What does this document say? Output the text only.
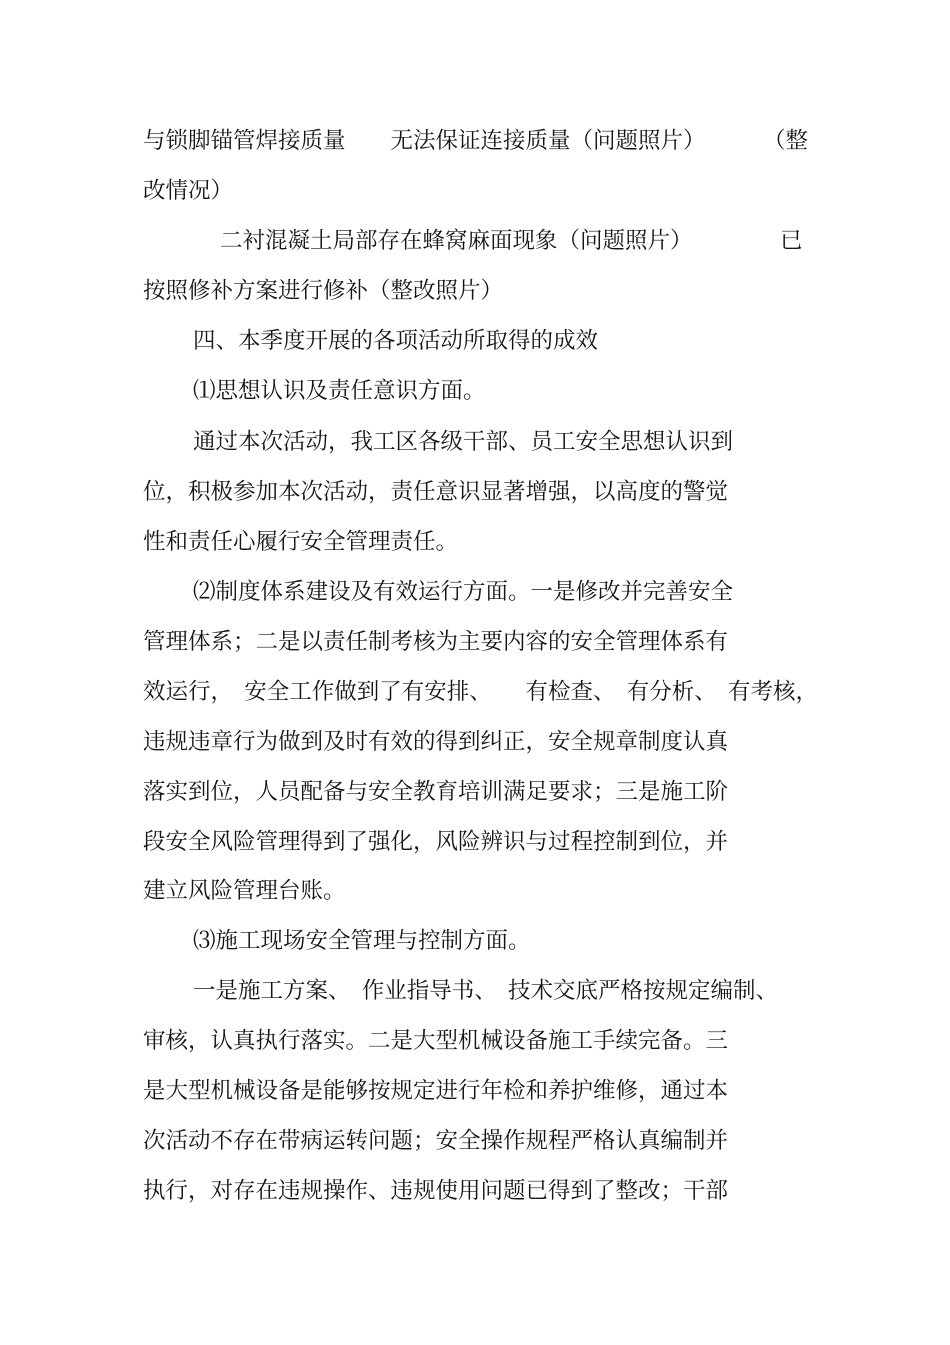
与锁脚锚管焊接质量　　无法保证连接质量（问题照片）	（整
改情况）
二衬混凝土局部存在蜂窝麻面现象（问题照片）	已
按照修补方案进行修补（整改照片）
四、本季度开展的各项活动所取得的成效
⑴思想认识及责任意识方面。
通过本次活动，我工区各级干部、员工安全思想认识到
位，积极参加本次活动，责任意识显著增强，以高度的警觉
性和责任心履行安全管理责任。
⑵制度体系建设及有效运行方面。一是修改并完善安全
管理体系；二是以责任制考核为主要内容的安全管理体系有
效运行，　安全工作做到了有安排、　　有检查、　有分析、　有考核，
违规违章行为做到及时有效的得到纠正，安全规章制度认真
落实到位，人员配备与安全教育培训满足要求；三是施工阶
段安全风险管理得到了强化，风险辨识与过程控制到位，并
建立风险管理台账。
⑶施工现场安全管理与控制方面。
一是施工方案、　作业指导书、　技术交底严格按规定编制、
审核，认真执行落实。二是大型机械设备施工手续完备。三
是大型机械设备是能够按规定进行年检和养护维修，通过本
次活动不存在带病运转问题；安全操作规程严格认真编制并
执行，对存在违规操作、违规使用问题已得到了整改；干部
